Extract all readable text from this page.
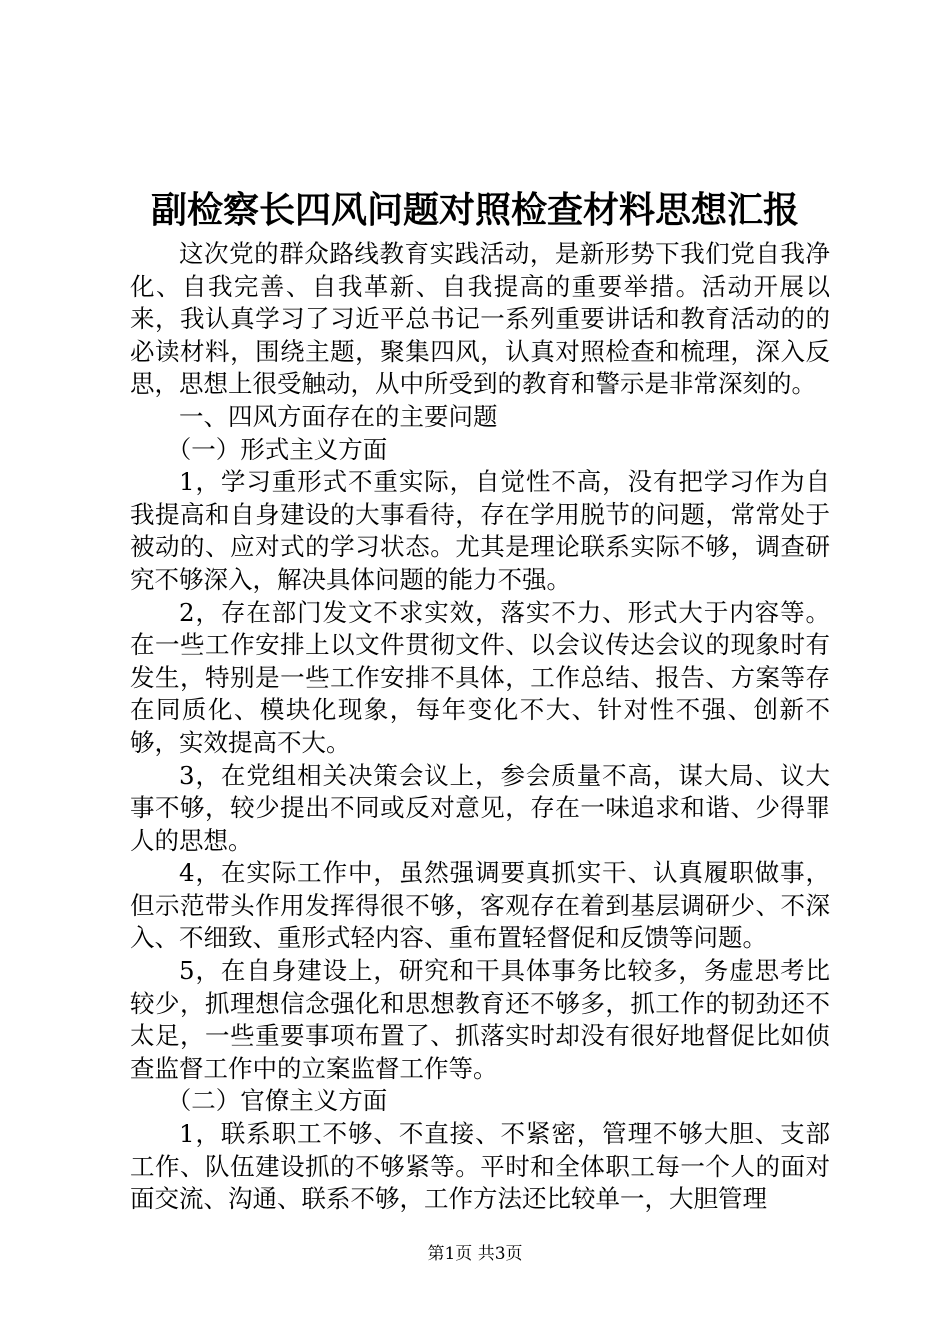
副检察长四风问题对照检查材料思想汇报

这次党的群众路线教育实践活动，是新形势下我们党自我净化、自我完善、自我革新、自我提高的重要举措。活动开展以来，我认真学习了习近平总书记一系列重要讲话和教育活动的的必读材料，围绕主题，聚集四风，认真对照检查和梳理，深入反思，思想上很受触动，从中所受到的教育和警示是非常深刻的。

一、四风方面存在的主要问题

（一）形式主义方面

1，学习重形式不重实际，自觉性不高，没有把学习作为自我提高和自身建设的大事看待，存在学用脱节的问题，常常处于被动的、应对式的学习状态。尤其是理论联系实际不够，调查研究不够深入，解决具体问题的能力不强。

2，存在部门发文不求实效，落实不力、形式大于内容等。在一些工作安排上以文件贯彻文件、以会议传达会议的现象时有发生，特别是一些工作安排不具体，工作总结、报告、方案等存在同质化、模块化现象，每年变化不大、针对性不强、创新不够，实效提高不大。

3，在党组相关决策会议上，参会质量不高，谋大局、议大事不够，较少提出不同或反对意见，存在一味追求和谐、少得罪人的思想。

4，在实际工作中，虽然强调要真抓实干、认真履职做事，但示范带头作用发挥得很不够，客观存在着到基层调研少、不深入、不细致、重形式轻内容、重布置轻督促和反馈等问题。

5，在自身建设上，研究和干具体事务比较多，务虚思考比较少，抓理想信念强化和思想教育还不够多，抓工作的韧劲还不太足，一些重要事项布置了、抓落实时却没有很好地督促比如侦查监督工作中的立案监督工作等。

（二）官僚主义方面

1，联系职工不够、不直接、不紧密，管理不够大胆、支部工作、队伍建设抓的不够紧等。平时和全体职工每一个人的面对面交流、沟通、联系不够，工作方法还比较单一，大胆管理

第1页 共3页
